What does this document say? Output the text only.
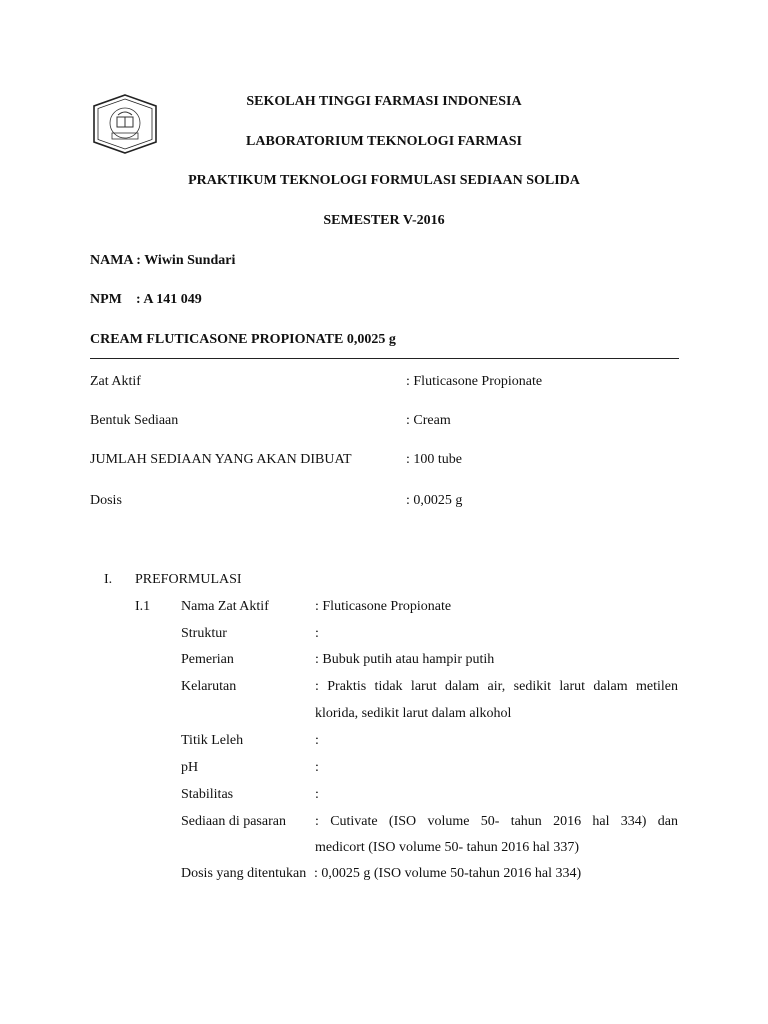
SEKOLAH TINGGI FARMASI INDONESIA
LABORATORIUM TEKNOLOGI FARMASI
PRAKTIKUM TEKNOLOGI FORMULASI SEDIAAN SOLIDA
SEMESTER V-2016
NAMA : Wiwin Sundari
NPM : A 141 049
CREAM FLUTICASONE PROPIONATE 0,0025 g
Zat Aktif	: Fluticasone Propionate
Bentuk Sediaan	: Cream
JUMLAH SEDIAAN YANG AKAN DIBUAT	: 100 tube
Dosis	: 0,0025 g
I. PREFORMULASI
I.1 Nama Zat Aktif	: Fluticasone Propionate
Struktur	:
Pemerian	: Bubuk putih atau hampir putih
Kelarutan	: Praktis tidak larut dalam air, sedikit larut dalam metilen
klorida, sedikit larut dalam alkohol
Titik Leleh	:
pH	:
Stabilitas	:
Sediaan di pasaran : Cutivate (ISO volume 50- tahun 2016 hal 334) dan
medicort (ISO volume 50- tahun 2016 hal 337)
Dosis yang ditentukan : 0,0025 g (ISO volume 50-tahun 2016 hal 334)
